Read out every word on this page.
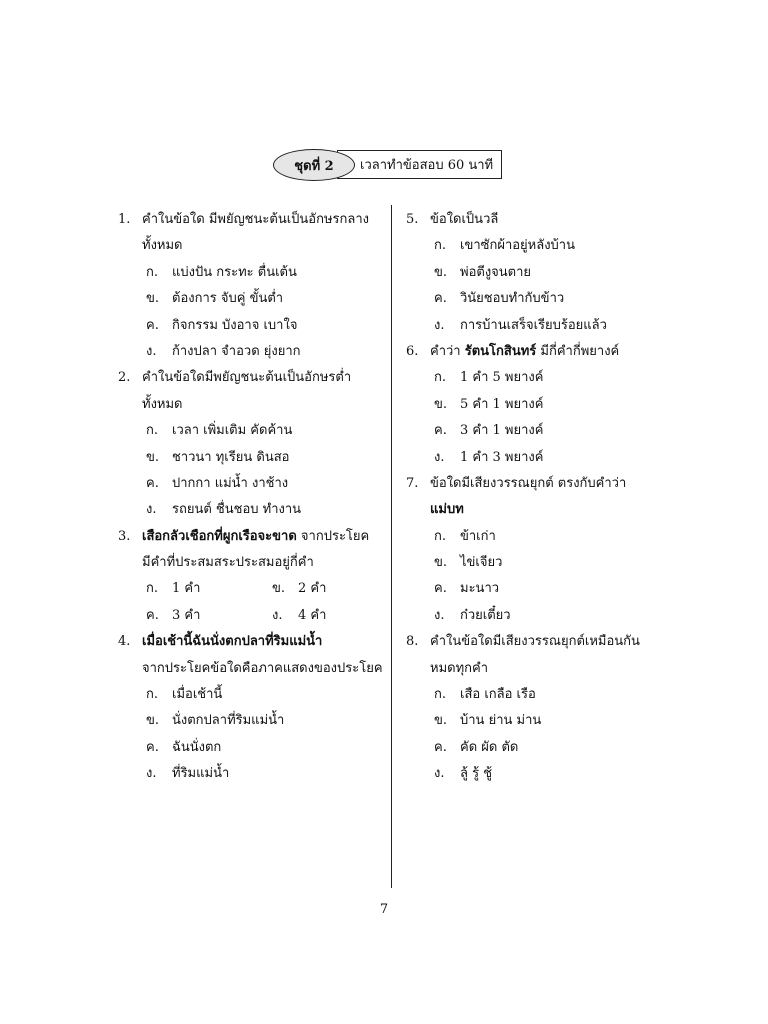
ชุดที่ 2 เวลาทำข้อสอบ 60 นาที
1. คำในข้อใด มีพยัญชนะต้นเป็นอักษรกลาง
ทั้งหมด
ก. แบ่งปัน กระทะ ตื่นเต้น
ข. ต้องการ จับคู่ ขั้นต่ำ
ค. กิจกรรม บังอาจ เบาใจ
ง. ก้างปลา จำอวด ยุ่งยาก
2. คำในข้อใดมีพยัญชนะต้นเป็นอักษรต่ำ
ทั้งหมด
ก. เวลา เพิ่มเติม คัดค้าน
ข. ชาวนา ทุเรียน ดินสอ
ค. ปากกา แม่น้ำ งาช้าง
ง. รถยนต์ ชื่นชอบ ทำงาน
3. เสือกลัวเชือกที่ผูกเรือจะขาด จากประโยค
มีคำที่ประสมสระประสมอยู่กี่คำ
ก. 1 คำ	ข. 2 คำ
ค. 3 คำ	ง. 4 คำ
4. เมื่อเช้านี้ฉันนั่งตกปลาที่ริมแม่น้ำ
จากประโยคข้อใดคือภาคแสดงของประโยค
ก. เมื่อเช้านี้
ข. นั่งตกปลาที่ริมแม่น้ำ
ค. ฉันนั่งตก
ง. ที่ริมแม่น้ำ
5. ข้อใดเป็นวลี
ก. เขาซักผ้าอยู่หลังบ้าน
ข. พ่อตีงูจนตาย
ค. วินัยชอบทำกับข้าว
ง. การบ้านเสร็จเรียบร้อยแล้ว
6. คำว่า รัตนโกสินทร์ มีกี่คำกี่พยางค์
ก. 1 คำ 5 พยางค์
ข. 5 คำ 1 พยางค์
ค. 3 คำ 1 พยางค์
ง. 1 คำ 3 พยางค์
7. ข้อใดมีเสียงวรรณยุกต์ ตรงกับคำว่า
แม่บท
ก. ข้าเก่า
ข. ไข่เจียว
ค. มะนาว
ง. ก๋วยเตี๋ยว
8. คำในข้อใดมีเสียงวรรณยุกต์เหมือนกัน
หมดทุกคำ
ก. เสือ เกลือ เรือ
ข. บ้าน ย่าน ม่าน
ค. คัด ผัด ตัด
ง. ลู้ รู้ ชู้
7
